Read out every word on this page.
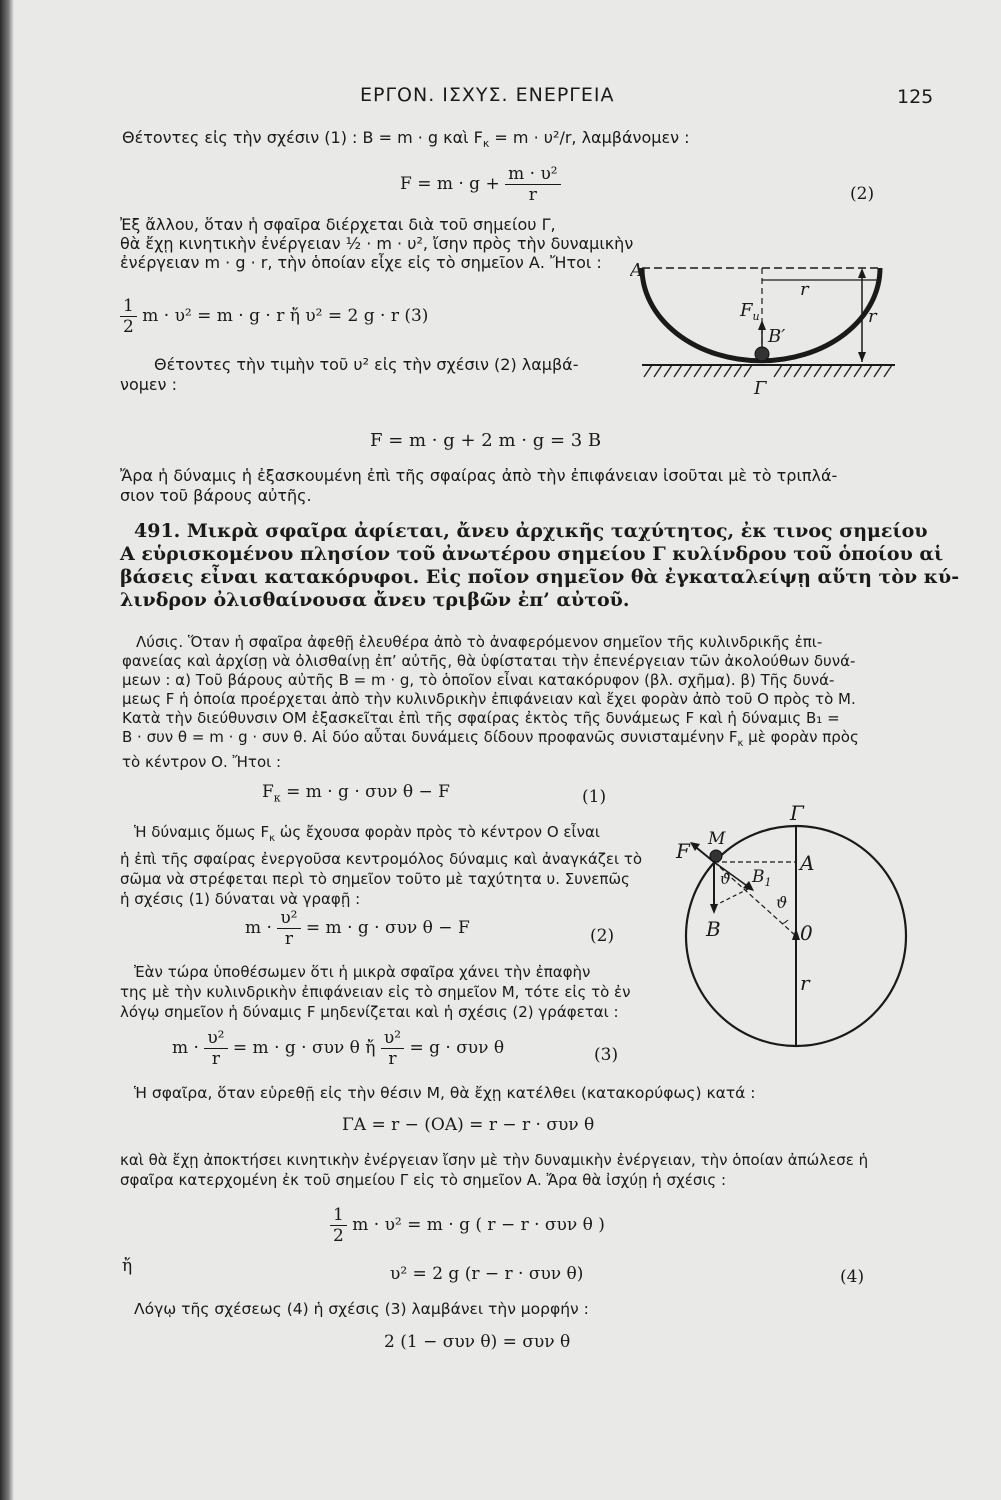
ΕΡΓΟΝ. ΙΣΧΥΣ. ΕΝΕΡΓΕΙΑ	125
Θέτοντες εἰς τὴν σχέσιν (1) : Β = m · g καὶ $F_\kappa = m \cdot \upsilon^2/r$, λαμβάνομεν :
$F = m \cdot g + \frac{\text{m · υ²}}{r}$	(2)
Ἐξ ἄλλου, ὅταν ἡ σφαῖρα διέρχεται διὰ τοῦ σημείου Γ,
θὰ ἔχῃ κινητικὴν ἐνέργειαν ½ · m · υ², ἴσην πρὸς τὴν δυναμικὴν
ἐνέργειαν m · g · r, τὴν ὁποίαν εἶχε εἰς τὸ σημεῖον Α. Ἤτοι :
$\frac{1}{2}$ m · υ² = m · g · r ἤ υ² = 2 g · r (3)
Θέτοντες τὴν τιμὴν τοῦ υ² εἰς τὴν σχέσιν (2) λαμβά-
νομεν :
F = m · g + 2 m · g = 3 B
Ἄρα ἡ δύναμις ἡ ἐξασκουμένη ἐπὶ τῆς σφαίρας ἀπὸ τὴν ἐπιφάνειαν ἰσοῦται μὲ τὸ τριπλά-
σιον τοῦ βάρους αὐτῆς.
A
r
r
$F_u$
B′
Γ
491. Μικρὰ σφαῖρα ἀφίεται, ἄνευ ἀρχικῆς ταχύτητος, ἐκ τινος σημείου
Α εὑρισκομένου πλησίον τοῦ ἀνωτέρου σημείου Γ κυλίνδρου τοῦ ὁποίου αἱ
βάσεις εἶναι κατακόρυφοι. Εἰς ποῖον σημεῖον θὰ ἐγκαταλείψῃ αὕτη τὸν κύ-
λινδρον ὀλισθαίνουσα ἄνευ τριβῶν ἐπ’ αὐτοῦ.
Λύσις. Ὅταν ἡ σφαῖρα ἀφεθῇ ἐλευθέρα ἀπὸ τὸ ἀναφερόμενον σημεῖον τῆς κυλινδρικῆς ἐπι-
φανείας καὶ ἀρχίσῃ νὰ ὀλισθαίνῃ ἐπ’ αὐτῆς, θὰ ὑφίσταται τὴν ἐπενέργειαν τῶν ἀκολούθων δυνά-
μεων : α) Τοῦ βάρους αὐτῆς Β = m · g, τὸ ὁποῖον εἶναι κατακόρυφον (βλ. σχῆμα). β) Τῆς δυνά-
μεως F ἡ ὁποία προέρχεται ἀπὸ τὴν κυλινδρικὴν ἐπιφάνειαν καὶ ἔχει φορὰν ἀπὸ τοῦ Ο πρὸς τὸ Μ.
Κατὰ τὴν διεύθυνσιν ΟΜ ἐξασκεῖται ἐπὶ τῆς σφαίρας ἐκτὸς τῆς δυνάμεως F καὶ ἡ δύναμις B₁ =
Β · συν θ = m · g · συν θ. Αἱ δύο αὗται δυνάμεις δίδουν προφανῶς συνισταμένην $F_\kappa$ μὲ φορὰν πρὸς
τὸ κέντρον Ο. Ἤτοι :
$F_\kappa = m \cdot g \cdot \sigma\upsilon\nu$ θ − F	(1)
Ἡ δύναμις ὅμως $F_\kappa$ ὡς ἔχουσα φορὰν πρὸς τὸ κέντρον Ο εἶναι
ἡ ἐπὶ τῆς σφαίρας ἐνεργοῦσα κεντρομόλος δύναμις καὶ ἀναγκάζει τὸ
σῶμα νὰ στρέφεται περὶ τὸ σημεῖον τοῦτο μὲ ταχύτητα υ. Συνεπῶς
ἡ σχέσις (1) δύναται νὰ γραφῇ :
$m \cdot \frac{\text{υ²}}{r} = m \cdot g \cdot \sigma\upsilon\nu$ θ − F	(2)
Ἐὰν τώρα ὑποθέσωμεν ὅτι ἡ μικρὰ σφαῖρα χάνει τὴν ἐπαφὴν
της μὲ τὴν κυλινδρικὴν ἐπιφάνειαν εἰς τὸ σημεῖον Μ, τότε εἰς τὸ ἐν
λόγῳ σημεῖον ἡ δύναμις F μηδενίζεται καὶ ἡ σχέσις (2) γράφεται :
$m \cdot \frac{\text{υ²}}{r} = m \cdot g \cdot \sigma\upsilon\nu$ θ ἤ $\frac{\text{υ²}}{r} = g \cdot \sigma\upsilon\nu$ θ	(3)
Ἡ σφαῖρα, ὅταν εὑρεθῇ εἰς τὴν θέσιν Μ, θὰ ἔχῃ κατέλθει (κατακορύφως) κατά :
ΓΑ = r − (ΟΑ) = r − r · συν θ
καὶ θὰ ἔχῃ ἀποκτήσει κινητικὴν ἐνέργειαν ἴσην μὲ τὴν δυναμικὴν ἐνέργειαν, τὴν ὁποίαν ἀπώλεσε ἡ
σφαῖρα κατερχομένη ἐκ τοῦ σημείου Γ εἰς τὸ σημεῖον Α. Ἄρα θὰ ἰσχύῃ ἡ σχέσις :
$\frac{1}{2}$ m · υ² = m · g ( r − r · συν θ )
ἤ	υ² = 2 g (r − r · συν θ)	(4)
Λόγῳ τῆς σχέσεως (4) ἡ σχέσις (3) λαμβάνει τὴν μορφήν :
2 (1 − συν θ) = συν θ
Γ
M
F	A
$B_1$
ϑ
ϑ
B	0
r
